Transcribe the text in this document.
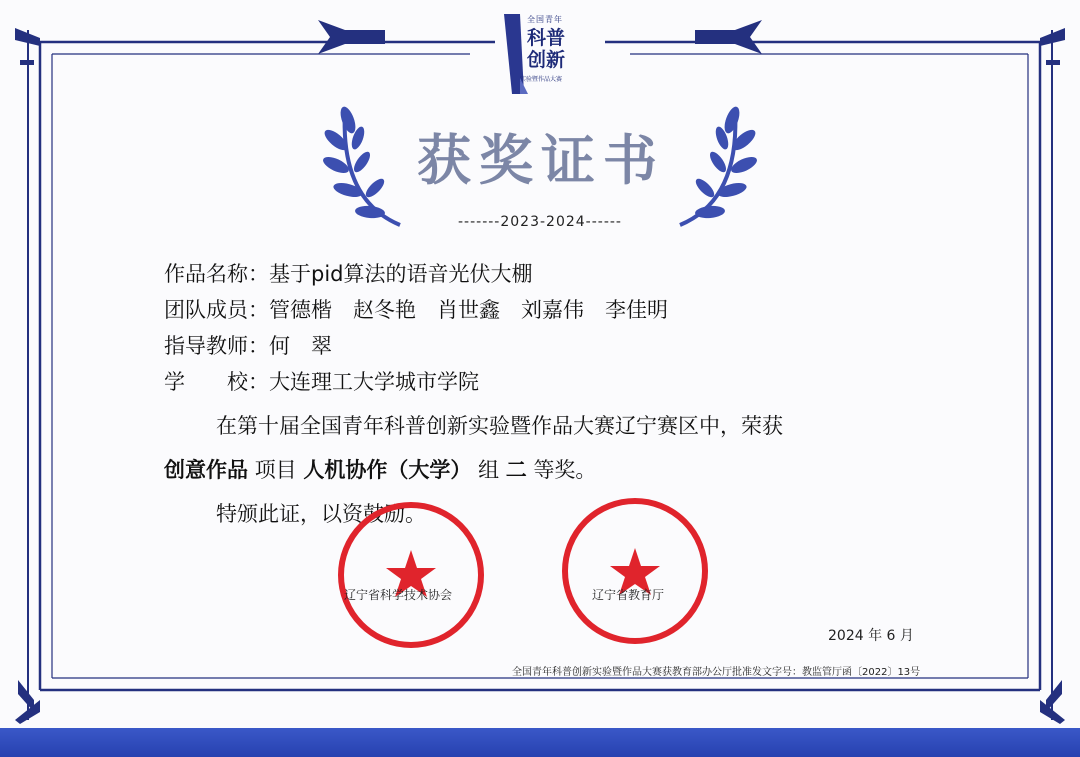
全国青年
科普
创新
实验暨作品大赛
获奖证书
-------2023-2024------
作品名称：基于pid算法的语音光伏大棚
团队成员：管德楷　赵冬艳　肖世鑫　刘嘉伟　李佳明
指导教师：何　翠
学　　校：大连理工大学城市学院
在第十届全国青年科普创新实验暨作品大赛辽宁赛区中，荣获
创意作品 项目 人机协作（大学） 组 二 等奖。
特颁此证，以资鼓励。
辽宁省科学技术协会	辽宁省教育厅
2024 年 6 月
全国青年科普创新实验暨作品大赛获教育部办公厅批准发文字号：教监管厅函〔2022〕13号
